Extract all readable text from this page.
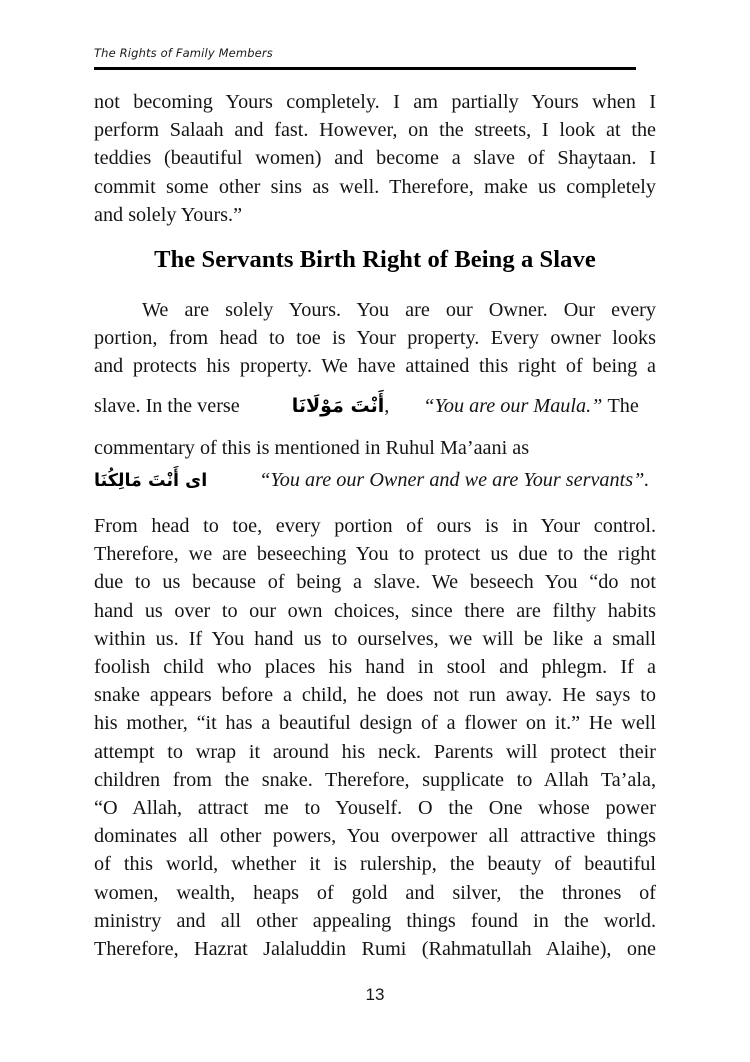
The Rights of Family Members
not becoming Yours completely. I am partially Yours when I
perform Salaah and fast. However, on the streets, I look at the
teddies (beautiful women) and become a slave of Shaytaan. I
commit some other sins as well. Therefore, make us completely
and solely Yours.”
The Servants Birth Right of Being a Slave
We are solely Yours. You are our Owner. Our every
portion, from head to toe is Your property. Every owner looks
and protects his property. We have attained this right of being a
slave. In the verse	أَنْتَ مَوْلَانَا, “You are our Maula.” The
commentary of this is mentioned in Ruhul Ma’aani as
اى أَنْتَ مَالِكُنَا	“You are our Owner and we are Your servants”.
From head to toe, every portion of ours is in Your control.
Therefore, we are beseeching You to protect us due to the right
due to us because of being a slave. We beseech You “do not
hand us over to our own choices, since there are filthy habits
within us. If You hand us to ourselves, we will be like a small
foolish child who places his hand in stool and phlegm. If a
snake appears before a child, he does not run away. He says to
his mother, “it has a beautiful design of a flower on it.” He well
attempt to wrap it around his neck. Parents will protect their
children from the snake. Therefore, supplicate to Allah Ta’ala,
“O Allah, attract me to Youself. O the One whose power
dominates all other powers, You overpower all attractive things
of this world, whether it is rulership, the beauty of beautiful
women, wealth, heaps of gold and silver, the thrones of
ministry and all other appealing things found in the world.
Therefore, Hazrat Jalaluddin Rumi (Rahmatullah Alaihe), one
13
